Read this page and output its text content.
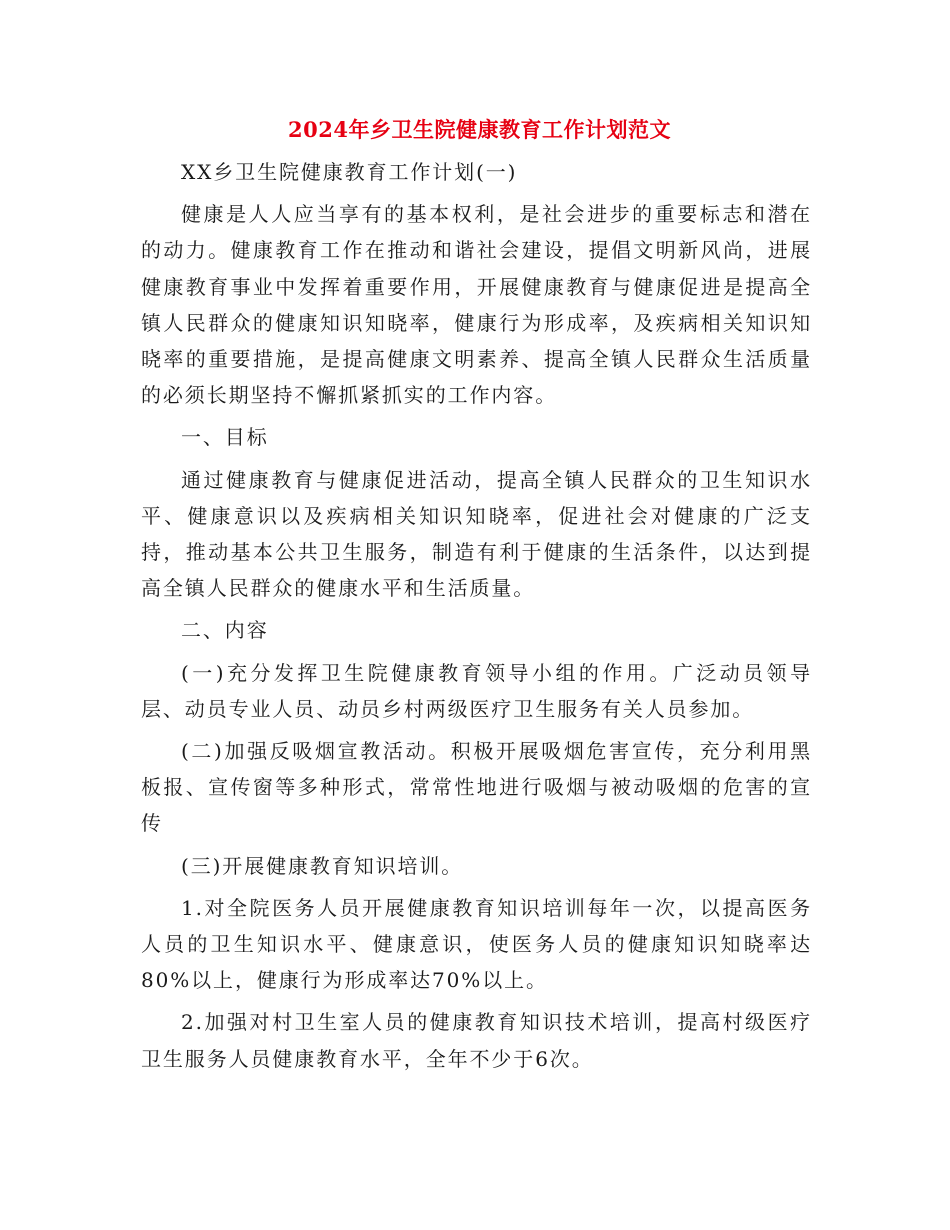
2024年乡卫生院健康教育工作计划范文

XX乡卫生院健康教育工作计划(一)

健康是人人应当享有的基本权利，是社会进步的重要标志和潜在的动力。健康教育工作在推动和谐社会建设，提倡文明新风尚，进展健康教育事业中发挥着重要作用，开展健康教育与健康促进是提高全镇人民群众的健康知识知晓率，健康行为形成率，及疾病相关知识知晓率的重要措施，是提高健康文明素养、提高全镇人民群众生活质量的必须长期坚持不懈抓紧抓实的工作内容。

一、目标

通过健康教育与健康促进活动，提高全镇人民群众的卫生知识水平、健康意识以及疾病相关知识知晓率，促进社会对健康的广泛支持，推动基本公共卫生服务，制造有利于健康的生活条件，以达到提高全镇人民群众的健康水平和生活质量。

二、内容

(一)充分发挥卫生院健康教育领导小组的作用。广泛动员领导层、动员专业人员、动员乡村两级医疗卫生服务有关人员参加。

(二)加强反吸烟宣教活动。积极开展吸烟危害宣传，充分利用黑板报、宣传窗等多种形式，常常性地进行吸烟与被动吸烟的危害的宣传

(三)开展健康教育知识培训。

1.对全院医务人员开展健康教育知识培训每年一次，以提高医务人员的卫生知识水平、健康意识，使医务人员的健康知识知晓率达80%以上，健康行为形成率达70%以上。

2.加强对村卫生室人员的健康教育知识技术培训，提高村级医疗卫生服务人员健康教育水平，全年不少于6次。
